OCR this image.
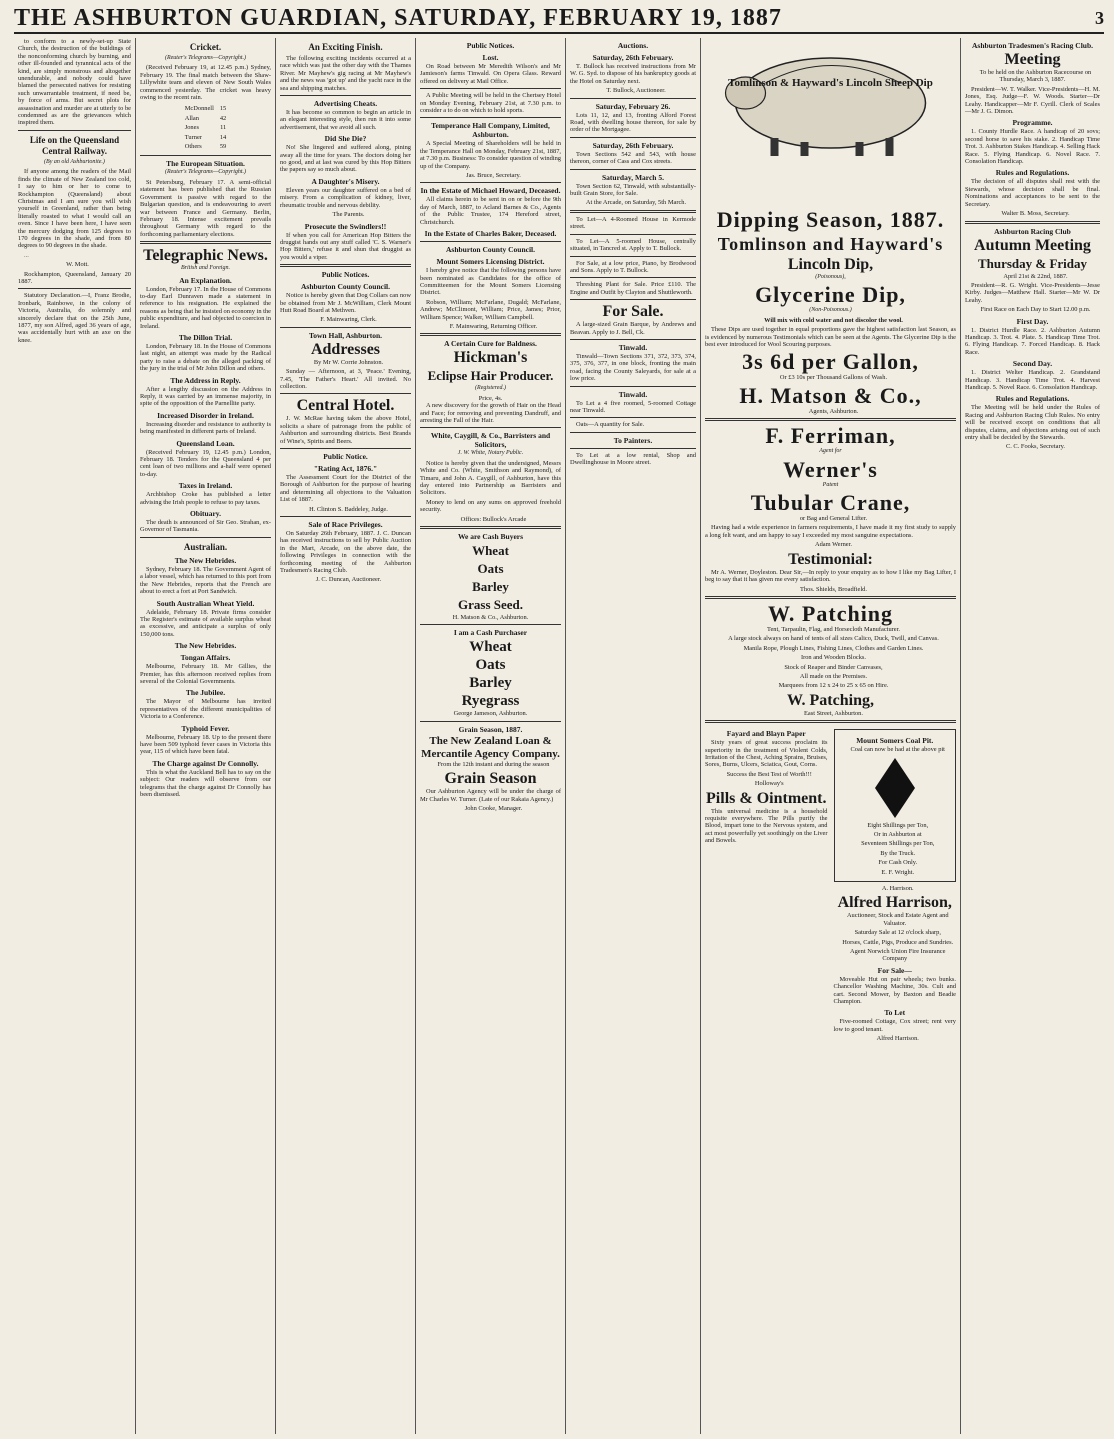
THE ASHBURTON GUARDIAN, SATURDAY, FEBRUARY 19, 1887	3

to conform to a newly-set-up State Church, the destruction of the buildings of the nonconforming church by burning, and other ill-founded and tyrannical acts of the kind, are simply monstrous and altogether unendurable, and nobody could have blamed the persecuted natives for resisting such unwarrantable treatment, if need be, by force of arms. But secret plots for assassination and murder are at utterly to be condemned as are the grievances which inspired them.

Life on the Queensland Central Railway.
(By an old Ashburtonite.)

If anyone among the readers of the Mail finds the climate of New Zealand too cold, I say to him or her to come to Rockhampton (Queensland) about Christmas and I am sure you will wish yourself in Greenland, rather than being literally roasted to what I would call an oven. Since I have been here, I have seen the mercury dodging from 125 degrees to 170 degrees in the shade, and from 80 degrees to 90 degrees in the shade.

...

W. Mott.

Rockhampton, Queensland, January 20 1887.

Statutory Declaration.—I, Franz Brodie, Ironbark, Rainbowe, in the colony of Victoria, Australia, do solemnly and sincerely declare that on the 25th June, 1877, my son Alfred, aged 36 years of age, was accidentally hurt with an axe on the knee.

Cricket.
(Reuter's Telegrams—Copyright.)

(Received February 19, at 12.45 p.m.) Sydney, February 19. The final match between the Shaw-Lillywhite team and eleven of New South Wales commenced yesterday. The cricket was heavy owing to the recent rain.

McDonnell	15
Allan	42
Jones	11
Turner	14
Others	59
The European Situation.
(Reuter's Telegrams—Copyright.)

St Petersburg, February 17. A semi-official statement has been published that the Russian Government is passive with regard to the Bulgarian question, and is endeavouring to avert war between France and Germany. Berlin, February 18. Intense excitement prevails throughout Germany with regard to the forthcoming parliamentary elections.

Telegraphic News.
British and Foreign.
An Explanation.

London, February 17. In the House of Commons to-day Earl Dunraven made a statement in reference to his resignation. He explained the reasons as being that he insisted on economy in the public expenditure, and had objected to coercion in Ireland.

The Dillon Trial.

London, February 18. In the House of Commons last night, an attempt was made by the Radical party to raise a debate on the alleged packing of the jury in the trial of Mr John Dillon and others.

The Address in Reply.

After a lengthy discussion on the Address in Reply, it was carried by an immense majority, in spite of the opposition of the Parnellite party.

Increased Disorder in Ireland.

Increasing disorder and resistance to authority is being manifested in different parts of Ireland.

Queensland Loan.

(Received February 19, 12.45 p.m.) London, February 18. Tenders for the Queensland 4 per cent loan of two millions and a-half were opened to-day.

Taxes in Ireland.

Archbishop Croke has published a letter advising the Irish people to refuse to pay taxes.

Obituary.

The death is announced of Sir Geo. Strahan, ex-Governor of Tasmania.

Australian.
The New Hebrides.

Sydney, February 18. The Government Agent of a labor vessel, which has returned to this port from the New Hebrides, reports that the French are about to erect a fort at Port Sandwich.

South Australian Wheat Yield.

Adelaide, February 18. Private firms consider The Register's estimate of available surplus wheat as excessive, and anticipate a surplus of only 150,000 tons.

The New Hebrides.
Tongan Affairs.

Melbourne, February 18. Mr Gillies, the Premier, has this afternoon received replies from several of the Colonial Governments.

The Jubilee.

The Mayor of Melbourne has invited representatives of the different municipalities of Victoria to a Conference.

Typhoid Fever.

Melbourne, February 18. Up to the present there have been 509 typhoid fever cases in Victoria this year, 115 of which have been fatal.

The Charge against Dr Connolly.

This is what the Auckland Bell has to say on the subject: Our readers will observe from our telegrams that the charge against Dr Connolly has been dismissed.

An Exciting Finish.

The following exciting incidents occurred at a race which was just the other day with the Thames River. Mr Mayhew's gig racing at Mr Mayhew's and the news was 'got up' and the yacht race in the sea and shipping matches.

Advertising Cheats.

It has become so common to begin an article in an elegant interesting style, then run it into some advertisement, that we avoid all such.

Did She Die?

No! She lingered and suffered along, pining away all the time for years. The doctors doing her no good, and at last was cured by this Hop Bitters the papers say so much about.

A Daughter's Misery.

Eleven years our daughter suffered on a bed of misery. From a complication of kidney, liver, rheumatic trouble and nervous debility.

The Parents.

Prosecute the Swindlers!!

If when you call for American Hop Bitters the druggist hands out any stuff called 'C. S. Warner's Hop Bitters,' refuse it and shun that druggist as you would a viper.

Public Notices.
Ashburton County Council.

Notice is hereby given that Dog Collars can now be obtained from Mr J. McWilliam, Clerk Mount Hutt Road Board at Methven.

F. Mainwaring, Clerk.

Town Hall, Ashburton.
Addresses

By Mr W. Corrie Johnston.

Sunday — Afternoon, at 3, 'Peace.' Evening, 7.45, 'The Father's Heart.' All invited. No collection.

Central Hotel.

J. W. McRae having taken the above Hotel, solicits a share of patronage from the public of Ashburton and surrounding districts. Best Brands of Wine's, Spirits and Beers.

Public Notice.
"Rating Act, 1876."

The Assessment Court for the District of the Borough of Ashburton for the purpose of hearing and determining all objections to the Valuation List of 1887.

H. Clinton S. Baddeley, Judge.

Sale of Race Privileges.

On Saturday 26th February, 1887. J. C. Duncan has received instructions to sell by Public Auction in the Mart, Arcade, on the above date, the following Privileges in connection with the forthcoming meeting of the Ashburton Tradesmen's Racing Club.

J. C. Duncan, Auctioneer.

Public Notices.
Lost.

On Road between Mr Meredith Wilson's and Mr Jamieson's farms Tinwald. On Opera Glass. Reward offered on delivery at Mail Office.

A Public Meeting will be held in the Chertsey Hotel on Monday Evening, February 21st, at 7.30 p.m. to consider a to do on which to hold sports.

Temperance Hall Company, Limited, Ashburton.

A Special Meeting of Shareholders will be held in the Temperance Hall on Monday, February 21st, 1887, at 7.30 p.m. Business: To consider question of winding up of the Company.

Jas. Bruce, Secretary.

In the Estate of Michael Howard, Deceased.

All claims herein to be sent in on or before the 9th day of March, 1887, to Acland Barnes & Co., Agents of the Public Trustee, 174 Hereford street, Christchurch.

In the Estate of Charles Baker, Deceased.
Ashburton County Council.
Mount Somers Licensing District.

I hereby give notice that the following persons have been nominated as Candidates for the office of Committeemen for the Mount Somers Licensing District.

Robson, William; McFarlane, Dugald; McFarlane, Andrew; McClimont, William; Price, James; Prior, William Spence; Walker, William Campbell.

F. Mainwaring, Returning Officer.

A Certain Cure for Baldness.
Hickman's
Eclipse Hair Producer.
(Registered.)
Price, 4s.

A new discovery for the growth of Hair on the Head and Face; for removing and preventing Dandruff, and arresting the Fall of the Hair.

White, Caygill, & Co., Barristers and Solicitors,
J. W. White, Notary Public.

Notice is hereby given that the undersigned, Messrs White and Co. (White, Smithson and Raymond), of Timaru, and John A. Caygill, of Ashburton, have this day entered into Partnership as Barristers and Solicitors.

Money to lend on any sums on approved freehold security.

Offices: Bullock's Arcade

We are Cash Buyers
Wheat
Oats
Barley
Grass Seed.
H. Matson & Co., Ashburton.
I am a Cash Purchaser
Wheat
Oats
Barley
Ryegrass
George Jameson, Ashburton.
Grain Season, 1887.
The New Zealand Loan & Mercantile Agency Company.

From the 12th instant and during the season

Grain Season

Our Ashburton Agency will be under the charge of Mr Charles W. Turner. (Late of our Rakaia Agency.)

John Cooke, Manager.

Auctions.
Saturday, 26th February.

T. Bullock has received instructions from Mr W. G. Syd. to dispose of his bankruptcy goods at the Hotel on Saturday next.

T. Bullock, Auctioneer.

Saturday, February 26.

Lots 11, 12, and 13, fronting Alford Forest Road, with dwelling house thereon, for sale by order of the Mortgagee.

Saturday, 26th February.

Town Sections 542 and 543, with house thereon, corner of Cass and Cox streets.

Saturday, March 5.

Town Section 62, Tinwald, with substantially-built Grain Store, for Sale.

At the Arcade, on Saturday, 5th March.

To Let—A 4-Roomed House in Kermode street.

To Let—A 5-roomed House, centrally situated, in Tancred st. Apply to T. Bullock.

For Sale, at a low price, Piano, by Brodwood and Sons. Apply to T. Bullock.

Threshing Plant for Sale. Price £110. The Engine and Outfit by Clayton and Shuttleworth.

For Sale.

A large-sized Grain Barque, by Andrews and Beavan. Apply to J. Bell, Ck.

Tinwald.

Tinwald—Town Sections 371, 372, 373, 374, 375, 376, 377, in one block, fronting the main road, facing the County Saleyards, for sale at a low price.

Tinwald.

To Let a 4 five roomed, 5-roomed Cottage near Tinwald.

Oats—A quantity for Sale.

To Painters.

To Let at a low rental, Shop and Dwellinghouse in Moore street.

Tomlinson & Hayward's Lincoln Sheep Dip
Dipping Season, 1887.
Tomlinson and Hayward's
Lincoln Dip,
(Poisonous),
Glycerine Dip,
(Non-Poisonous.)

Will mix with cold water and not discolor the wool.

These Dips are used together in equal proportions gave the highest satisfaction last Season, as is evidenced by numerous Testimonials which can be seen at the Agents. The Glycerine Dip is the best ever introduced for Wool Scouring purposes.

3s 6d per Gallon,

Or £3 10s per Thousand Gallons of Wash.

H. Matson & Co.,

Agents, Ashburton.

F. Ferriman,
Agent for
Werner's
Patent
Tubular Crane,

or Bag and General Lifter.

Having had a wide experience in farmers requirements, I have made it my first study to supply a long felt want, and am happy to say I exceeded my most sanguine expectations.

Adam Werner.

Testimonial:

Mr A. Werner, Doyleston. Dear Sir,—In reply to your enquiry as to how I like my Bag Lifter, I beg to say that it has given me every satisfaction.

Thos. Shields, Broadfield.

W. Patching

Tent, Tarpaulin, Flag, and Horsecloth Manufacturer.

A large stock always on hand of tents of all sizes Calico, Duck, Twill, and Canvas.

Manila Rope, Plough Lines, Fishing Lines, Clothes and Garden Lines.

Iron and Wooden Blocks.

Stock of Reaper and Binder Canvases,

All made on the Premises.

Marquees from 12 x 24 to 25 x 65 on Hire.

W. Patching,

East Street, Ashburton.

Fayard and Blayn Paper

Sixty years of great success proclaim its superiority in the treatment of Violent Colds, Irritation of the Chest, Aching Sprains, Bruises, Sores, Burns, Ulcers, Sciatica, Gout, Corns.

Success the Best Test of Worth!!!

Holloway's

Pills & Ointment.

This universal medicine is a household requisite everywhere. The Pills purify the Blood, impart tone to the Nervous system, and act most powerfully yet soothingly on the Liver and Bowels.

Mount Somers Coal Pit.

Coal can now be had at the above pit

Eight Shillings per Ton,

Or in Ashburton at

Seventeen Shillings per Ton,

By the Truck.

For Cash Only.

E. F. Wright.

A. Harrison.

Alfred Harrison,

Auctioneer, Stock and Estate Agent and Valuator.

Saturday Sale at 12 o'clock sharp,

Horses, Cattle, Pigs, Produce and Sundries.

Agent Norwich Union Fire Insurance Company

For Sale—

Moveable Hut on pair wheels; two bunks. Chancellor Washing Machine, 30s. Cult and cart. Second Mower, by Baxton and Beadie Champion.

To Let

Five-roomed Cottage, Cox street; rent very low to good tenant.

Alfred Harrison.

Ashburton Tradesmen's Racing Club.
Meeting

To be held on the Ashburton Racecourse on Thursday, March 3, 1887.

President—W. T. Walker. Vice-Presidents—H. M. Jones, Esq. Judge—F. W. Woods. Starter—Dr Leahy. Handicapper—Mr F. Cyrill. Clerk of Scales—Mr J. G. Dimon.

Programme.

1. County Hurdle Race. A handicap of 20 sovs; second horse to save his stake. 2. Handicap Time Trot. 3. Ashburton Stakes Handicap. 4. Selling Hack Race. 5. Flying Handicap. 6. Novel Race. 7. Consolation Handicap.

Rules and Regulations.

The decision of all disputes shall rest with the Stewards, whose decision shall be final. Nominations and acceptances to be sent to the Secretary.

Walter B. Moss, Secretary.

Ashburton Racing Club
Autumn Meeting
Thursday & Friday

April 21st & 22nd, 1887.

President—R. G. Wright. Vice-Presidents—Jesse Kirby. Judges—Matthew Hall. Starter—Mr W. Dr Leahy.

First Race on Each Day to Start 12.00 p.m.

First Day.

1. District Hurdle Race. 2. Ashburton Autumn Handicap. 3. Trot. 4. Plate. 5. Handicap Time Trot. 6. Flying Handicap. 7. Forced Handicap. 8. Hack Race.

Second Day.

1. District Welter Handicap. 2. Grandstand Handicap. 3. Handicap Time Trot. 4. Harvest Handicap. 5. Novel Race. 6. Consolation Handicap.

Rules and Regulations.

The Meeting will be held under the Rules of Racing and Ashburton Racing Club Rules. No entry will be received except on conditions that all disputes, claims, and objections arising out of such entry shall be decided by the Stewards.

C. C. Fooks, Secretary.
